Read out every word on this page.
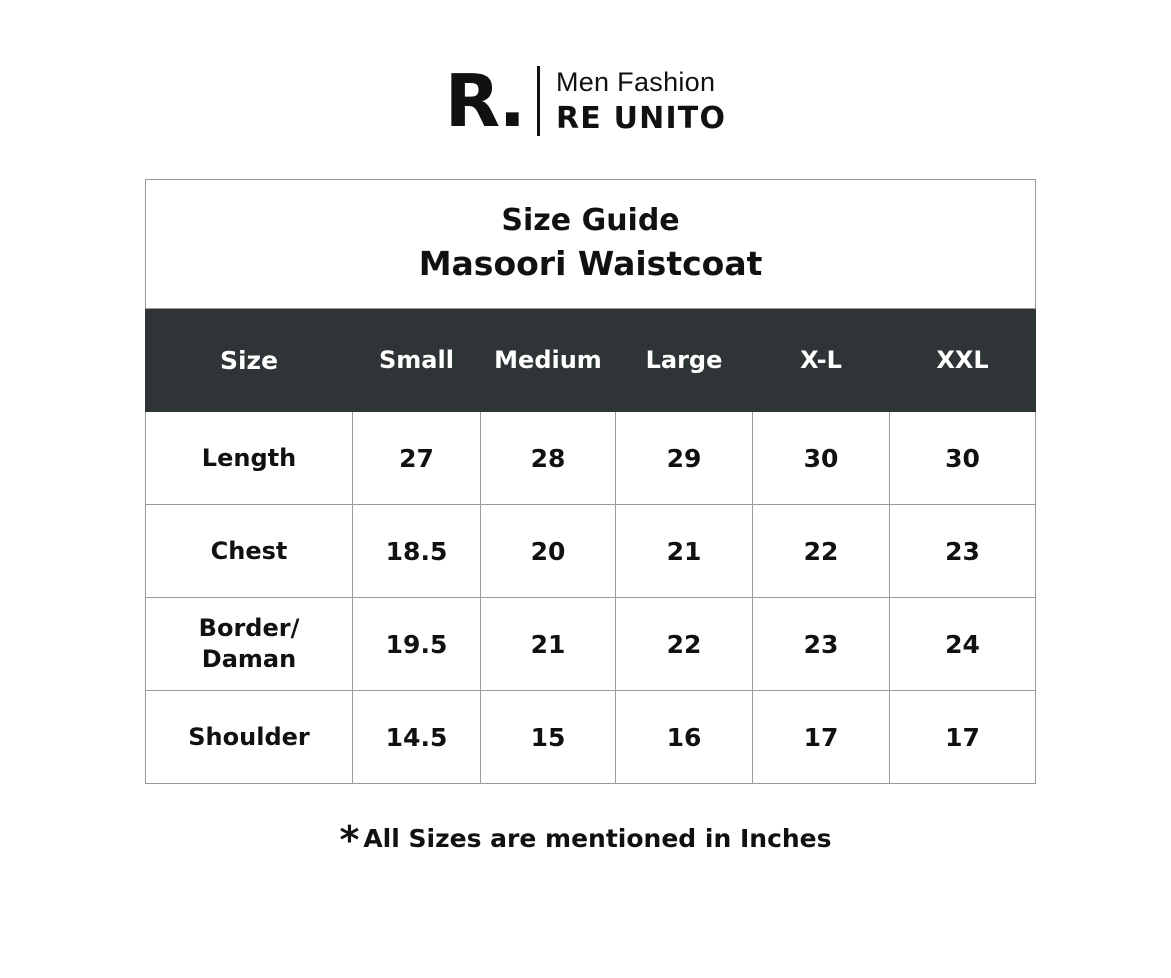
R.	Men Fashion
RE UNITO
Size Guide
Masoori Waistcoat					

Size	Small	Medium	Large	X-L	XXL
Length	27	28	29	30	30
Chest	18.5	20	21	22	23

Border/
Daman	19.5	21	22	23	24
Shoulder	14.5	15	16	17	17
* All Sizes are mentioned in Inches
